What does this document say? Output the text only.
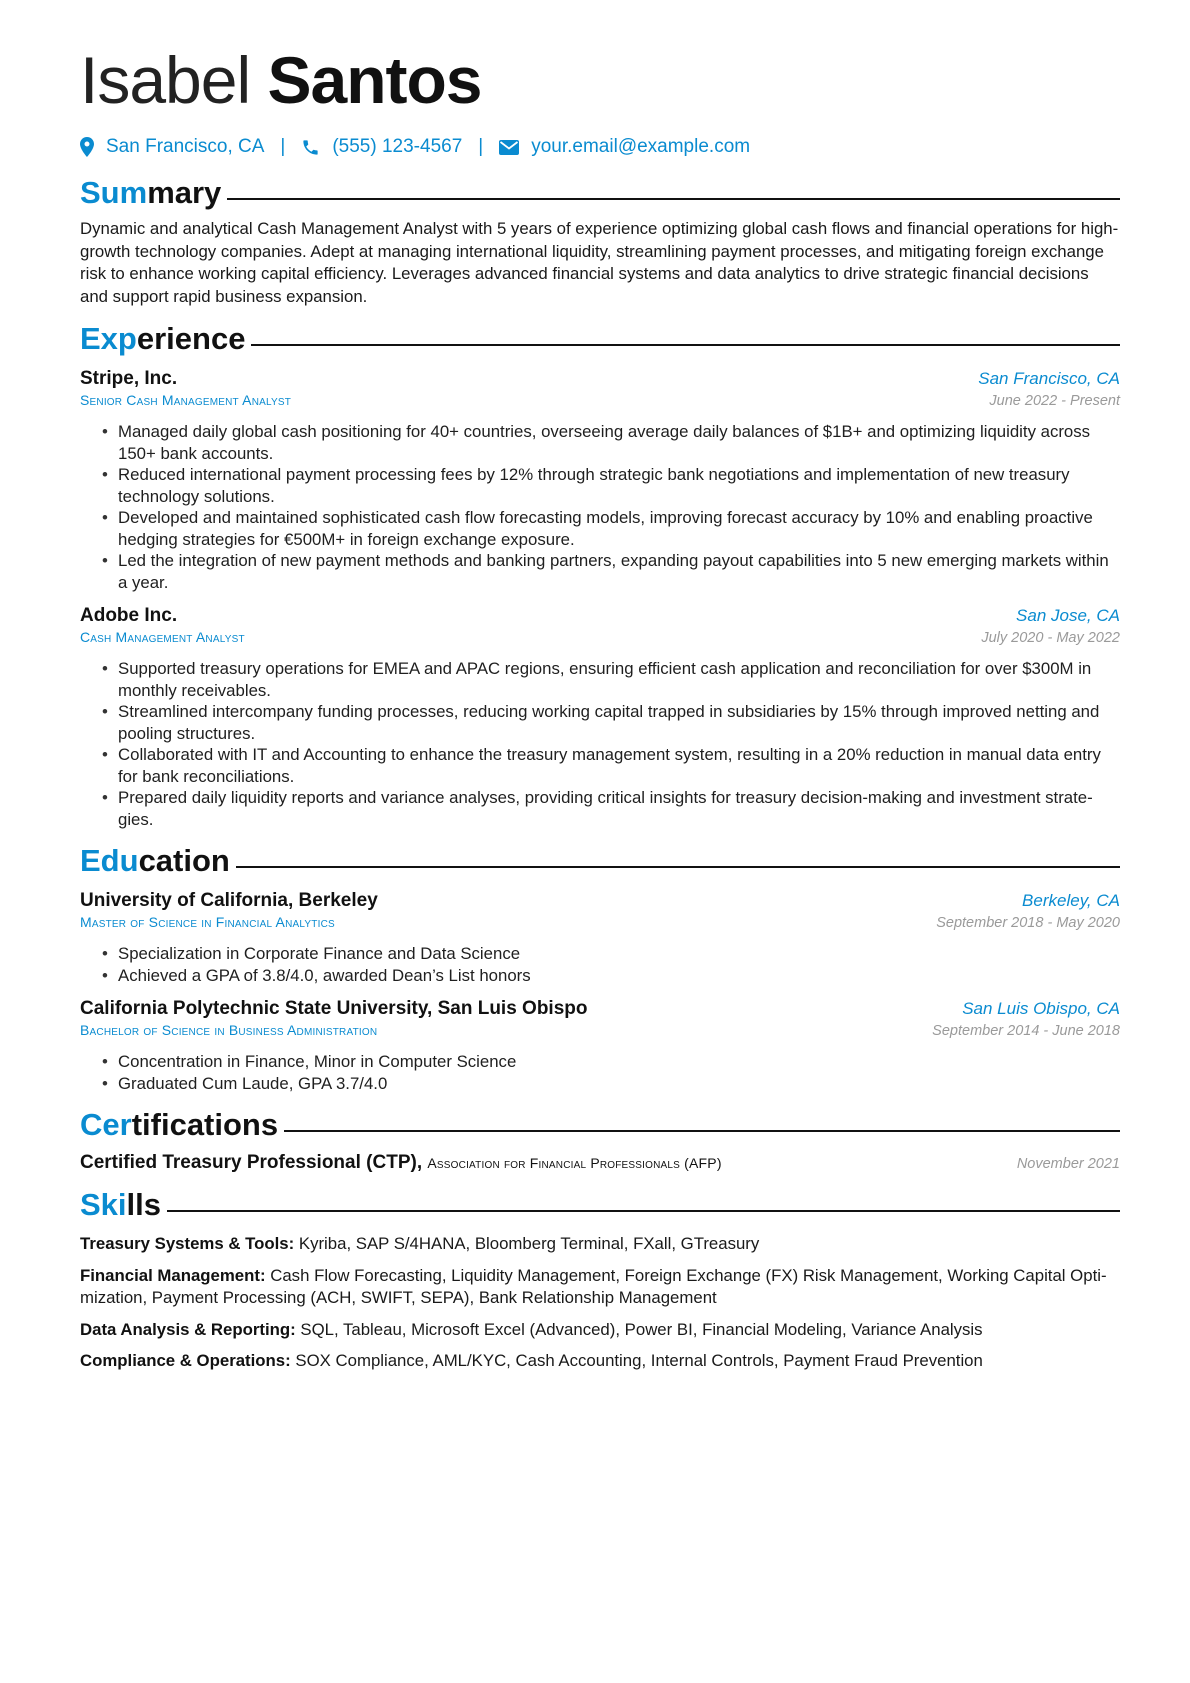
Isabel Santos
San Francisco, CA | (555) 123-4567 |	your.email@example.com
Summary

Dynamic and analytical Cash Management Analyst with 5 years of experience optimizing global cash flows and financial operations for high-growth technology companies. Adept at managing international liquidity, streamlining payment processes, and mitigating foreign exchange risk to enhance working capital efficiency. Leverages advanced financial systems and data analytics to drive strategic financial decisions and support rapid business expansion.

Experience
Stripe, Inc.	San Francisco, CA
Senior Cash Management Analyst	June 2022 - Present
• Managed daily global cash positioning for 40+ countries, overseeing average daily balances of $1B+ and optimizing liquidity across 150+ bank accounts.
• Reduced international payment processing fees by 12% through strategic bank negotiations and implementation of new treasury technology solutions.
• Developed and maintained sophisticated cash flow forecasting models, improving forecast accuracy by 10% and enabling proactive hedging strategies for €500M+ in foreign exchange exposure.
• Led the integration of new payment methods and banking partners, expanding payout capabilities into 5 new emerging markets within a year.
Adobe Inc.	San Jose, CA
Cash Management Analyst	July 2020 - May 2022
• Supported treasury operations for EMEA and APAC regions, ensuring efficient cash application and reconciliation for over $300M in monthly receivables.
• Streamlined intercompany funding processes, reducing working capital trapped in subsidiaries by 15% through improved netting and pooling structures.
• Collaborated with IT and Accounting to enhance the treasury management system, resulting in a 20% reduction in manual data entry for bank reconciliations.
• Prepared daily liquidity reports and variance analyses, providing critical insights for treasury decision-making and investment strate- gies.
Education
University of California, Berkeley	Berkeley, CA
Master of Science in Financial Analytics	September 2018 - May 2020
• Specialization in Corporate Finance and Data Science
• Achieved a GPA of 3.8/4.0, awarded Dean’s List honors
California Polytechnic State University, San Luis Obispo	San Luis Obispo, CA
Bachelor of Science in Business Administration	September 2014 - June 2018
• Concentration in Finance, Minor in Computer Science
• Graduated Cum Laude, GPA 3.7/4.0
Certifications
Certified Treasury Professional (CTP), Association for Financial Professionals (AFP)	November 2021
Skills
Treasury Systems & Tools: Kyriba, SAP S/4HANA, Bloomberg Terminal, FXall, GTreasury
Financial Management: Cash Flow Forecasting, Liquidity Management, Foreign Exchange (FX) Risk Management, Working Capital Opti- mization, Payment Processing (ACH, SWIFT, SEPA), Bank Relationship Management
Data Analysis & Reporting: SQL, Tableau, Microsoft Excel (Advanced), Power BI, Financial Modeling, Variance Analysis
Compliance & Operations: SOX Compliance, AML/KYC, Cash Accounting, Internal Controls, Payment Fraud Prevention
